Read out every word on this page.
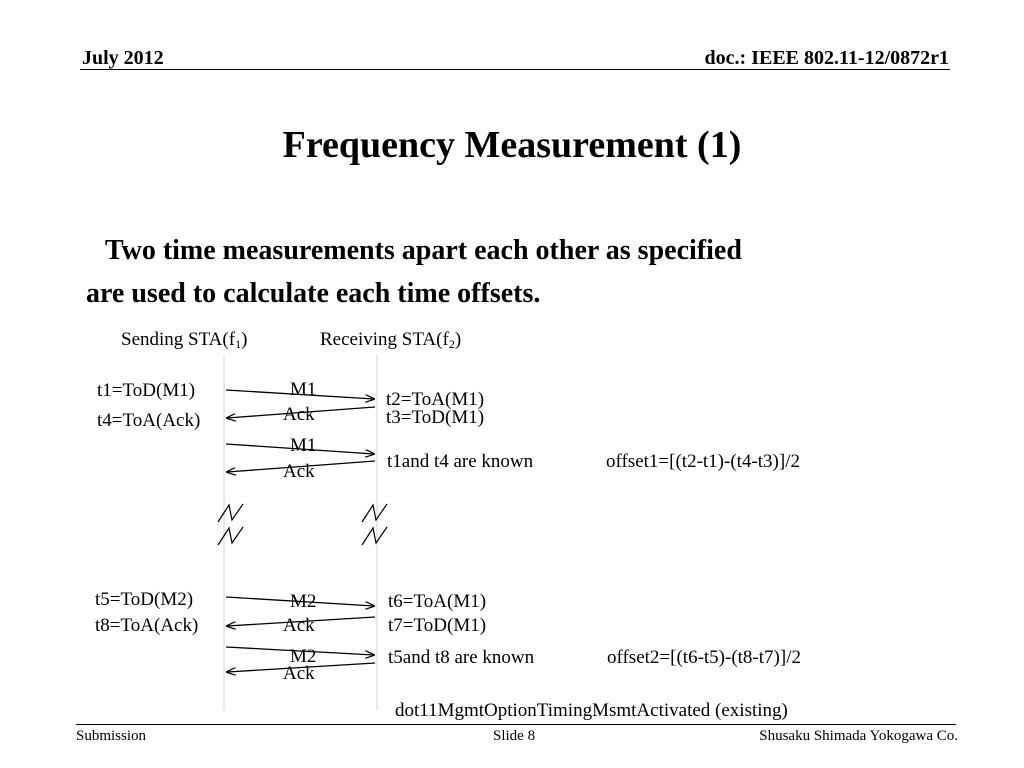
July 2012	doc.: IEEE 802.11-12/0872r1
Frequency Measurement (1)
Two time measurements apart each other as specified
are used to calculate each time offsets.
Sending $STA(f_1)$	Receiving $STA(f_2)$
t1=ToD(M1)
t4=ToA(Ack)
M1
Ack
t2=ToA(M1)
t3=ToD(M1)
M1
Ack	t1and t4 are known	offset1=[(t2-t1)-(t4-t3)]/2
t5=ToD(M2)
t8=ToA(Ack)
M2
Ack
t6=ToA(M1)
t7=ToD(M1)
M2
Ack
t5and t8 are known	offset2=[(t6-t5)-(t8-t7)]/2
dot11MgmtOptionTimingMsmtActivated (existing)
Submission	Slide 8	Shusaku Shimada Yokogawa Co.
